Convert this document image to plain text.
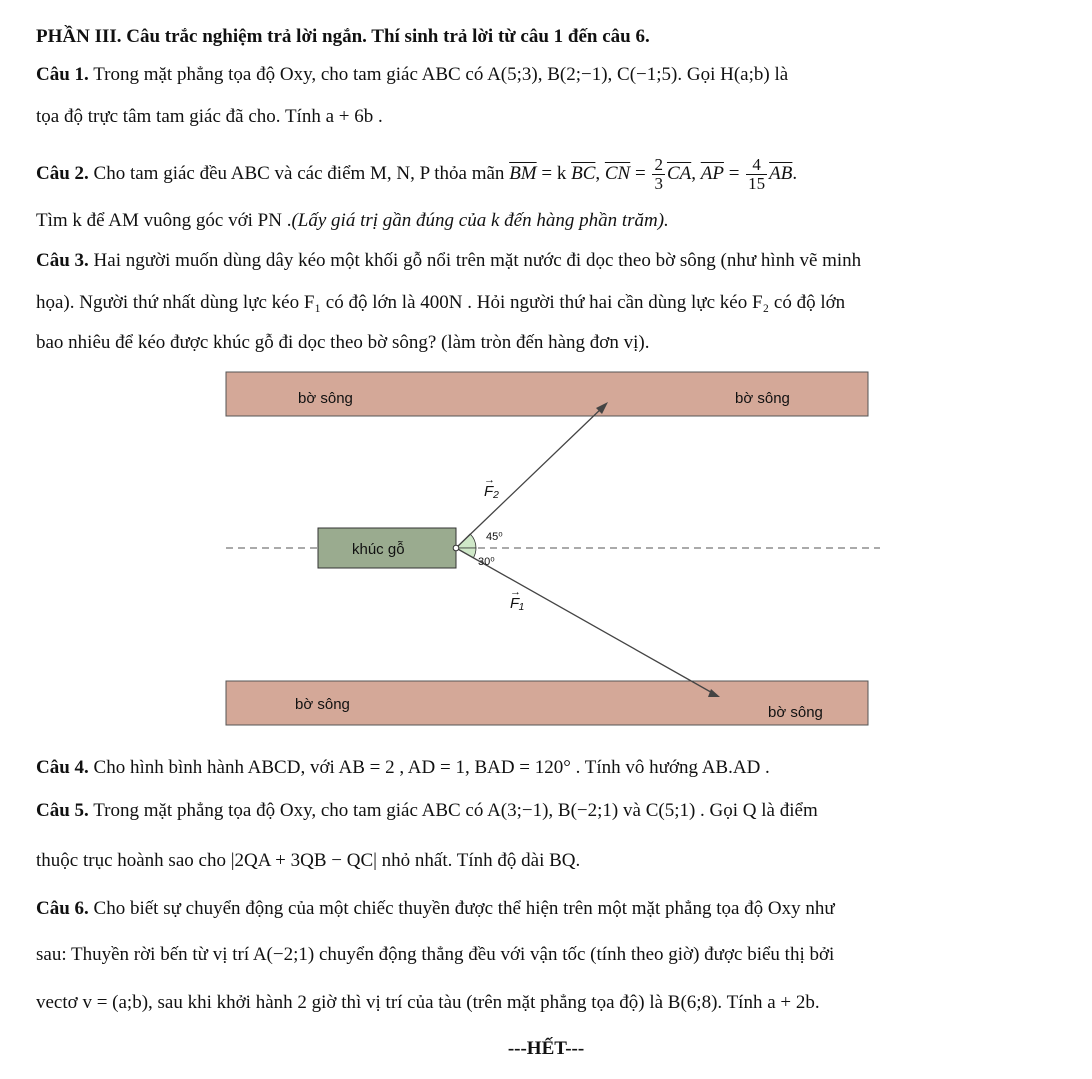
PHẦN III. Câu trắc nghiệm trả lời ngắn. Thí sinh trả lời từ câu 1 đến câu 6.
Câu 1. Trong mặt phẳng tọa độ Oxy, cho tam giác ABC có A(5;3), B(2;−1), C(−1;5). Gọi H(a;b) là
tọa độ trực tâm tam giác đã cho. Tính a + 6b .
Câu 2. Cho tam giác đều ABC và các điểm M, N, P thỏa mãn $\overline{BM} = k$ $\overline{BC}$, $\overline{CN} = \frac{2}{3} \overline{CA}$, $\overline{AP} = \frac{4}{15} \overline{AB}$.
Tìm k để AM vuông góc với PN .(Lấy giá trị gần đúng của k đến hàng phần trăm).
Câu 3. Hai người muốn dùng dây kéo một khối gỗ nổi trên mặt nước đi dọc theo bờ sông (như hình vẽ minh
họa). Người thứ nhất dùng lực kéo F₁ có độ lớn là 400N . Hỏi người thứ hai cần dùng lực kéo F₂ có độ lớn
bao nhiêu để kéo được khúc gỗ đi dọc theo bờ sông? (làm tròn đến hàng đơn vị).
bờ sông	bờ sông
bờ sông	bờ sông
khúc gỗ
F₂
→
F₁
→
45⁰
30⁰
Câu 4. Cho hình bình hành ABCD, với AB = 2 , AD = 1, BAD = 120° . Tính vô hướng AB.AD .
Câu 5. Trong mặt phẳng tọa độ Oxy, cho tam giác ABC có A(3;−1), B(−2;1) và C(5;1) . Gọi Q là điểm
thuộc trục hoành sao cho |2QA + 3QB − QC| nhỏ nhất. Tính độ dài BQ.
Câu 6. Cho biết sự chuyển động của một chiếc thuyền được thể hiện trên một mặt phẳng tọa độ Oxy như
sau: Thuyền rời bến từ vị trí A(−2;1) chuyển động thẳng đều với vận tốc (tính theo giờ) được biểu thị bởi
vectơ v = (a;b), sau khi khởi hành 2 giờ thì vị trí của tàu (trên mặt phẳng tọa độ) là B(6;8). Tính a + 2b.
---HẾT---
